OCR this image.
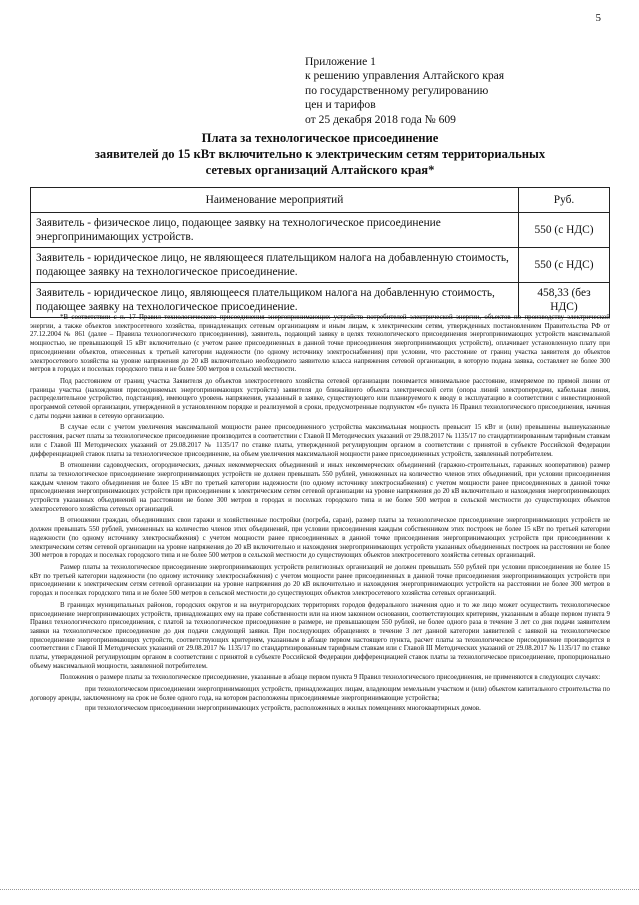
5
Приложение 1
к решению управления Алтайского края
по государственному регулированию
цен и тарифов
от 25 декабря 2018 года № 609
Плата за технологическое присоединение
заявителей до 15 кВт включительно к электрическим сетям территориальных
сетевых организаций Алтайского края*
Наименование мероприятий	Руб.
Заявитель - физическое лицо, подающее заявку на технологическое присоединение энергопринимающих устройств.	550 (с НДС)
Заявитель - юридическое лицо, не являющееся плательщиком налога на добавленную стоимость, подающее заявку на технологическое присоединение.	550 (с НДС)
Заявитель - юридическое лицо, являющееся плательщиком налога на добавленную стоимость, подающее заявку на технологическое присоединение.	458,33 (без НДС)

*В соответствии с п. 17 Правил технологического присоединения энергопринимающих устройств потребителей электрической энергии, объектов по производству электрической энергии, а также объектов электросетевого хозяйства, принадлежащих сетевым организациям и иным лицам, к электрическим сетям, утвержденных постановлением Правительства РФ от 27.12.2004 № 861 (далее – Правила технологического присоединения), заявитель, подающий заявку в целях технологического присоединения энергопринимающих устройств максимальной мощностью, не превышающей 15 кВт включительно (с учетом ранее присоединенных в данной точке присоединения энергопринимающих устройств), оплачивает установленную плату при присоединении объектов, отнесенных к третьей категории надежности (по одному источнику электроснабжения) при условии, что расстояние от границ участка заявителя до объектов электросетевого хозяйства на уровне напряжения до 20 кВ включительно необходимого заявителю класса напряжения сетевой организации, в которую подана заявка, составляет не более 300 метров в городах и поселках городского типа и не более 500 метров в сельской местности.

Под расстоянием от границ участка Заявителя до объектов электросетевого хозяйства сетевой организации понимается минимальное расстояние, измеряемое по прямой линии от границы участка (нахождения присоединяемых энергопринимающих устройств) заявителя до ближайшего объекта электрической сети (опора линий электропередачи, кабельная линия, распределительное устройство, подстанция), имеющего уровень напряжения, указанный в заявке, существующего или планируемого к вводу в эксплуатацию в соответствии с инвестиционной программой сетевой организации, утвержденной в установленном порядке и реализуемой в сроки, предусмотренные подпунктом «б» пункта 16 Правил технологического присоединения, начиная с даты подачи заявки в сетевую организацию.

В случае если с учетом увеличения максимальной мощности ранее присоединенного устройства максимальная мощность превысит 15 кВт и (или) превышены вышеуказанные расстояния, расчет платы за технологическое присоединение производится в соответствии с Главой II Методических указаний от 29.08.2017 № 1135/17 по стандартизированным тарифным ставкам или с Главой III Методических указаний от 29.08.2017 № 1135/17 по ставке платы, утвержденной регулирующим органом в соответствии с принятой в субъекте Российской Федерации дифференциацией ставок платы за технологическое присоединение, на объем увеличения максимальной мощности ранее присоединенных устройств, заявленный потребителем.

В отношении садоводческих, огороднических, дачных некоммерческих объединений и иных некоммерческих объединений (гаражно-строительных, гаражных кооперативов) размер платы за технологическое присоединение энергопринимающих устройств не должен превышать 550 рублей, умноженных на количество членов этих объединений, при условии присоединения каждым членом такого объединения не более 15 кВт по третьей категории надежности (по одному источнику электроснабжения) с учетом мощности ранее присоединенных в данной точке присоединения энергопринимающих устройств при присоединении к электрическим сетям сетевой организации на уровне напряжения до 20 кВ включительно и нахождения энергопринимающих устройств указанных объединений на расстоянии не более 300 метров в городах и поселках городского типа и не более 500 метров в сельской местности до существующих объектов электросетевого хозяйства сетевых организаций.

В отношении граждан, объединивших свои гаражи и хозяйственные постройки (погреба, сараи), размер платы за технологическое присоединение энергопринимающих устройств не должен превышать 550 рублей, умноженных на количество членов этих объединений, при условии присоединения каждым собственником этих построек не более 15 кВт по третьей категории надежности (по одному источнику электроснабжения) с учетом мощности ранее присоединенных в данной точке присоединения энергопринимающих устройств при присоединении к электрическим сетям сетевой организации на уровне напряжения до 20 кВ включительно и нахождения энергопринимающих устройств указанных объединенных построек на расстоянии не более 300 метров в городах и поселках городского типа и не более 500 метров в сельской местности до существующих объектов электросетевого хозяйства сетевых организаций.

Размер платы за технологическое присоединение энергопринимающих устройств религиозных организаций не должен превышать 550 рублей при условии присоединения не более 15 кВт по третьей категории надежности (по одному источнику электроснабжения) с учетом мощности ранее присоединенных в данной точке присоединения энергопринимающих устройств при присоединении к электрическим сетям сетевой организации на уровне напряжения до 20 кВ включительно и нахождения энергопринимающих устройств на расстоянии не более 300 метров в городах и поселках городского типа и не более 500 метров в сельской местности до существующих объектов электросетевого хозяйства сетевых организаций.

В границах муниципальных районов, городских округов и на внутригородских территориях городов федерального значения одно и то же лицо может осуществить технологическое присоединение энергопринимающих устройств, принадлежащих ему на праве собственности или на ином законном основании, соответствующих критериям, указанным в абзаце первом пункта 9 Правил технологического присоединения, с платой за технологическое присоединение в размере, не превышающем 550 рублей, не более одного раза в течение 3 лет со дня подачи заявителем заявки на технологическое присоединение до дня подачи следующей заявки. При последующих обращениях в течение 3 лет данной категории заявителей с заявкой на технологическое присоединение энергопринимающих устройств, соответствующих критериям, указанным в абзаце первом настоящего пункта, расчет платы за технологическое присоединение производится в соответствии с Главой II Методических указаний от 29.08.2017 № 1135/17 по стандартизированным тарифным ставкам или с Главой III Методических указаний от 29.08.2017 № 1135/17 по ставке платы, утвержденной регулирующим органом в соответствии с принятой в субъекте Российской Федерации дифференциацией ставок платы за технологическое присоединение, пропорционально объему максимальной мощности, заявленной потребителем.

Положения о размере платы за технологическое присоединение, указанные в абзаце первом пункта 9 Правил технологического присоединения, не применяются в следующих случаях:

при технологическом присоединении энергопринимающих устройств, принадлежащих лицам, владеющим земельным участком и (или) объектом капитального строительства по договору аренды, заключенному на срок не более одного года, на котором расположены присоединяемые энергопринимающие устройства;

при технологическом присоединении энергопринимающих устройств, расположенных в жилых помещениях многоквартирных домов.
